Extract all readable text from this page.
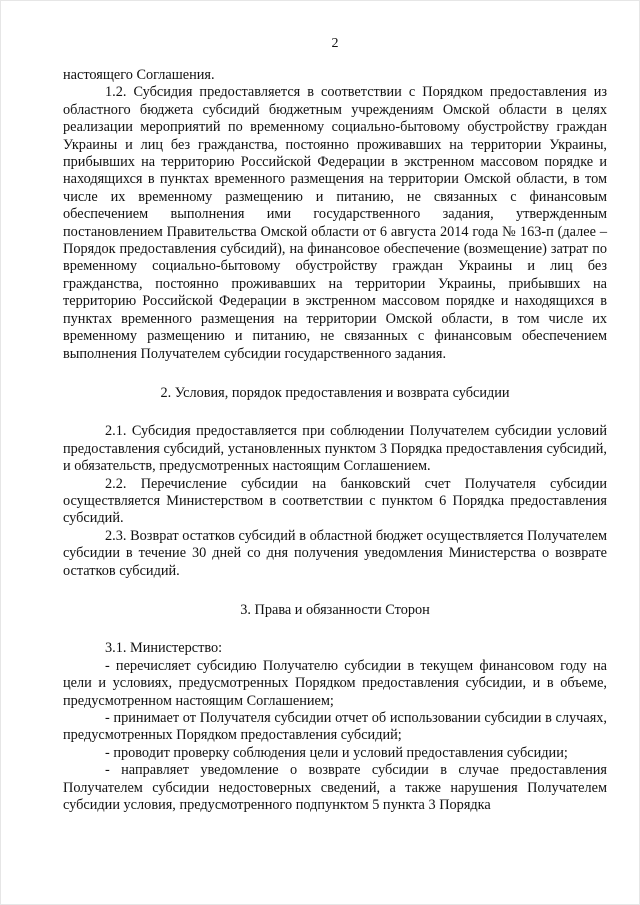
2

настоящего Соглашения.

1.2. Субсидия предоставляется в соответствии с Порядком предоставления из областного бюджета субсидий бюджетным учреждениям Омской области в целях реализации мероприятий по временному социально-бытовому обустройству граждан Украины и лиц без гражданства, постоянно проживавших на территории Украины, прибывших на территорию Российской Федерации в экстренном массовом порядке и находящихся в пунктах временного размещения на территории Омской области, в том числе их временному размещению и питанию, не связанных с финансовым обеспечением выполнения ими государственного задания, утвержденным постановлением Правительства Омской области от 6 августа 2014 года № 163-п (далее – Порядок предоставления субсидий), на финансовое обеспечение (возмещение) затрат по временному социально-бытовому обустройству граждан Украины и лиц без гражданства, постоянно проживавших на территории Украины, прибывших на территорию Российской Федерации в экстренном массовом порядке и находящихся в пунктах временного размещения на территории Омской области, в том числе их временному размещению и питанию, не связанных с финансовым обеспечением выполнения Получателем субсидии государственного задания.

2. Условия, порядок предоставления и возврата субсидии

2.1. Субсидия предоставляется при соблюдении Получателем субсидии условий предоставления субсидий, установленных пунктом 3 Порядка предоставления субсидий, и обязательств, предусмотренных настоящим Соглашением.

2.2. Перечисление субсидии на банковский счет Получателя субсидии осуществляется Министерством в соответствии с пунктом 6 Порядка предоставления субсидий.

2.3. Возврат остатков субсидий в областной бюджет осуществляется Получателем субсидии в течение 30 дней со дня получения уведомления Министерства о возврате остатков субсидий.

3. Права и обязанности Сторон

3.1. Министерство:

- перечисляет субсидию Получателю субсидии в текущем финансовом году на цели и условиях, предусмотренных Порядком предоставления субсидии, и в объеме, предусмотренном настоящим Соглашением;

- принимает от Получателя субсидии отчет об использовании субсидии в случаях, предусмотренных Порядком предоставления субсидий;

- проводит проверку соблюдения цели и условий предоставления субсидии;

- направляет уведомление о возврате субсидии в случае предоставления Получателем субсидии недостоверных сведений, а также нарушения Получателем субсидии условия, предусмотренного подпунктом 5 пункта 3 Порядка
